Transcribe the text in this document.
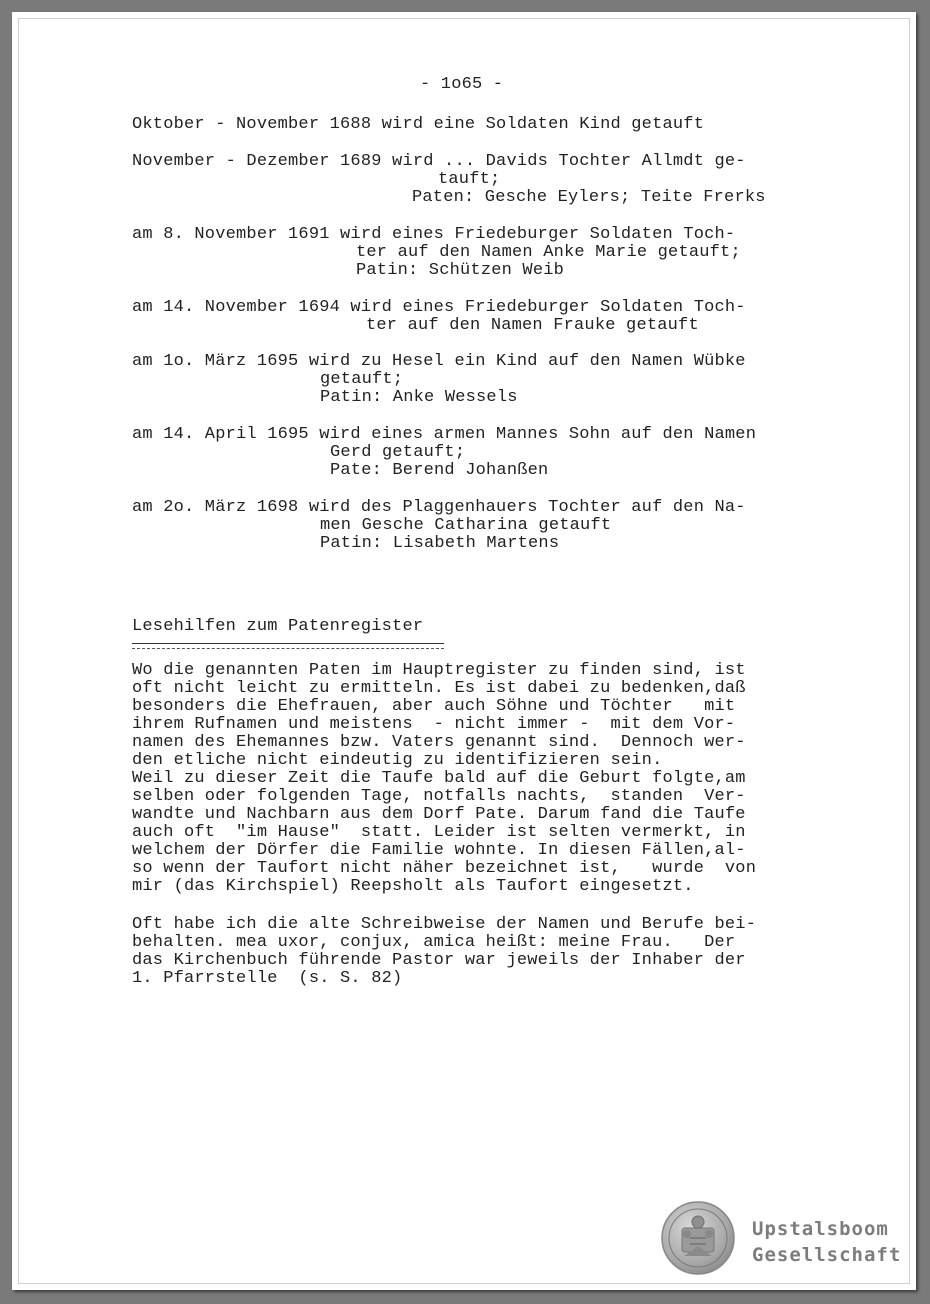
- 1o65 -
Oktober - November 1688 wird eine Soldaten Kind getauft
November - Dezember 1689 wird ... Davids Tochter Allmdt ge-
tauft;
Paten: Gesche Eylers; Teite Frerks
am 8. November 1691 wird eines Friedeburger Soldaten Toch-
ter auf den Namen Anke Marie getauft;
Patin: Schützen Weib
am 14. November 1694 wird eines Friedeburger Soldaten Toch-
ter auf den Namen Frauke getauft
am 1o. März 1695 wird zu Hesel ein Kind auf den Namen Wübke
getauft;
Patin: Anke Wessels
am 14. April 1695 wird eines armen Mannes Sohn auf den Namen
Gerd getauft;
Pate: Berend Johanßen
am 2o. März 1698 wird des Plaggenhauers Tochter auf den Na-
men Gesche Catharina getauft
Patin: Lisabeth Martens
Lesehilfen zum Patenregister
Wo die genannten Paten im Hauptregister zu finden sind, ist
oft nicht leicht zu ermitteln. Es ist dabei zu bedenken,daß
besonders die Ehefrauen, aber auch Söhne und Töchter   mit
ihrem Rufnamen und meistens  - nicht immer -  mit dem Vor-
namen des Ehemannes bzw. Vaters genannt sind.  Dennoch wer-
den etliche nicht eindeutig zu identifizieren sein.
Weil zu dieser Zeit die Taufe bald auf die Geburt folgte,am
selben oder folgenden Tage, notfalls nachts,  standen  Ver-
wandte und Nachbarn aus dem Dorf Pate. Darum fand die Taufe
auch oft  "im Hause"  statt. Leider ist selten vermerkt, in
welchem der Dörfer die Familie wohnte. In diesen Fällen,al-
so wenn der Taufort nicht näher bezeichnet ist,   wurde  von
mir (das Kirchspiel) Reepsholt als Taufort eingesetzt.
Oft habe ich die alte Schreibweise der Namen und Berufe bei-
behalten. mea uxor, conjux, amica heißt: meine Frau.   Der
das Kirchenbuch führende Pastor war jeweils der Inhaber der
1. Pfarrstelle  (s. S. 82)
Upstalsboom
Gesellschaft
